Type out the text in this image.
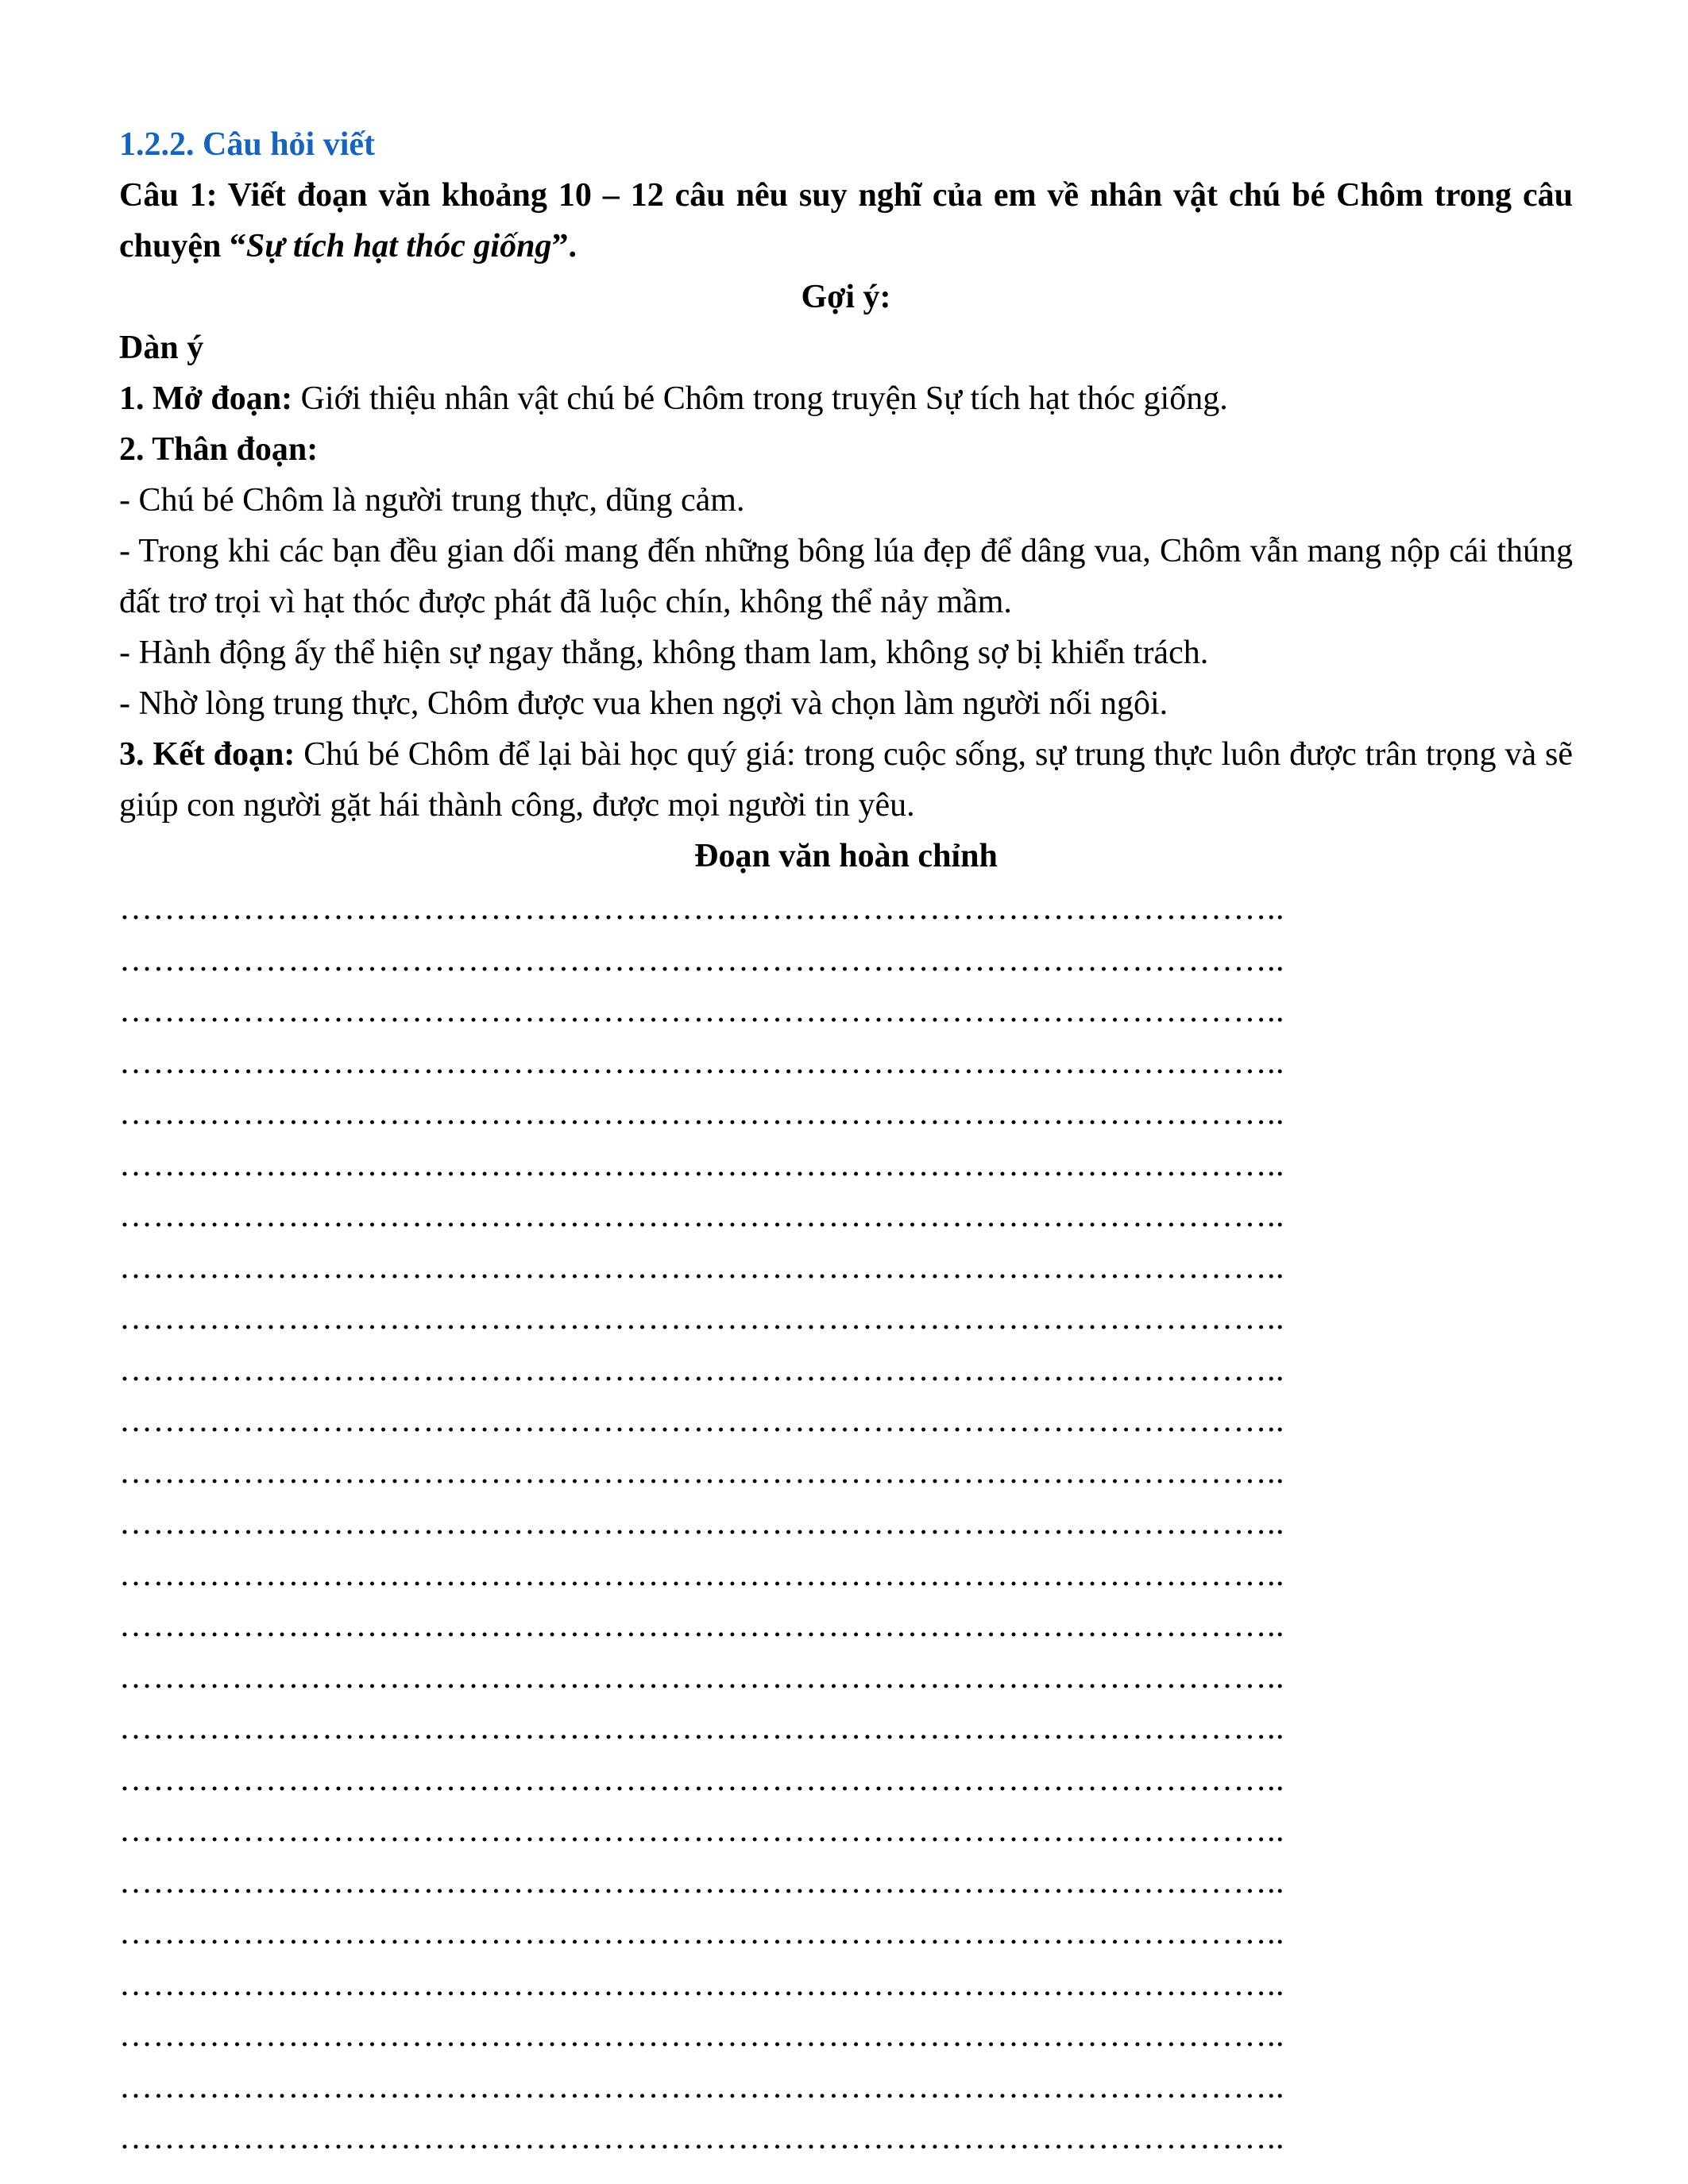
1.2.2. Câu hỏi viết
Câu 1: Viết đoạn văn khoảng 10 – 12 câu nêu suy nghĩ của em về nhân vật chú bé Chôm trong câu chuyện “Sự tích hạt thóc giống”.
Gợi ý:
Dàn ý
1. Mở đoạn: Giới thiệu nhân vật chú bé Chôm trong truyện Sự tích hạt thóc giống.
2. Thân đoạn:
- Chú bé Chôm là người trung thực, dũng cảm.
- Trong khi các bạn đều gian dối mang đến những bông lúa đẹp để dâng vua, Chôm vẫn mang nộp cái thúng đất trơ trọi vì hạt thóc được phát đã luộc chín, không thể nảy mầm.
- Hành động ấy thể hiện sự ngay thẳng, không tham lam, không sợ bị khiển trách.
- Nhờ lòng trung thực, Chôm được vua khen ngợi và chọn làm người nối ngôi.
3. Kết đoạn: Chú bé Chôm để lại bài học quý giá: trong cuộc sống, sự trung thực luôn được trân trọng và sẽ giúp con người gặt hái thành công, được mọi người tin yêu.
Đoạn văn hoàn chỉnh
…………………………………………………………………………………………..
…………………………………………………………………………………………..
…………………………………………………………………………………………..
…………………………………………………………………………………………..
…………………………………………………………………………………………..
…………………………………………………………………………………………..
…………………………………………………………………………………………..
…………………………………………………………………………………………..
…………………………………………………………………………………………..
…………………………………………………………………………………………..
…………………………………………………………………………………………..
…………………………………………………………………………………………..
…………………………………………………………………………………………..
…………………………………………………………………………………………..
…………………………………………………………………………………………..
…………………………………………………………………………………………..
…………………………………………………………………………………………..
…………………………………………………………………………………………..
…………………………………………………………………………………………..
…………………………………………………………………………………………..
…………………………………………………………………………………………..
…………………………………………………………………………………………..
…………………………………………………………………………………………..
…………………………………………………………………………………………..
…………………………………………………………………………………………..
